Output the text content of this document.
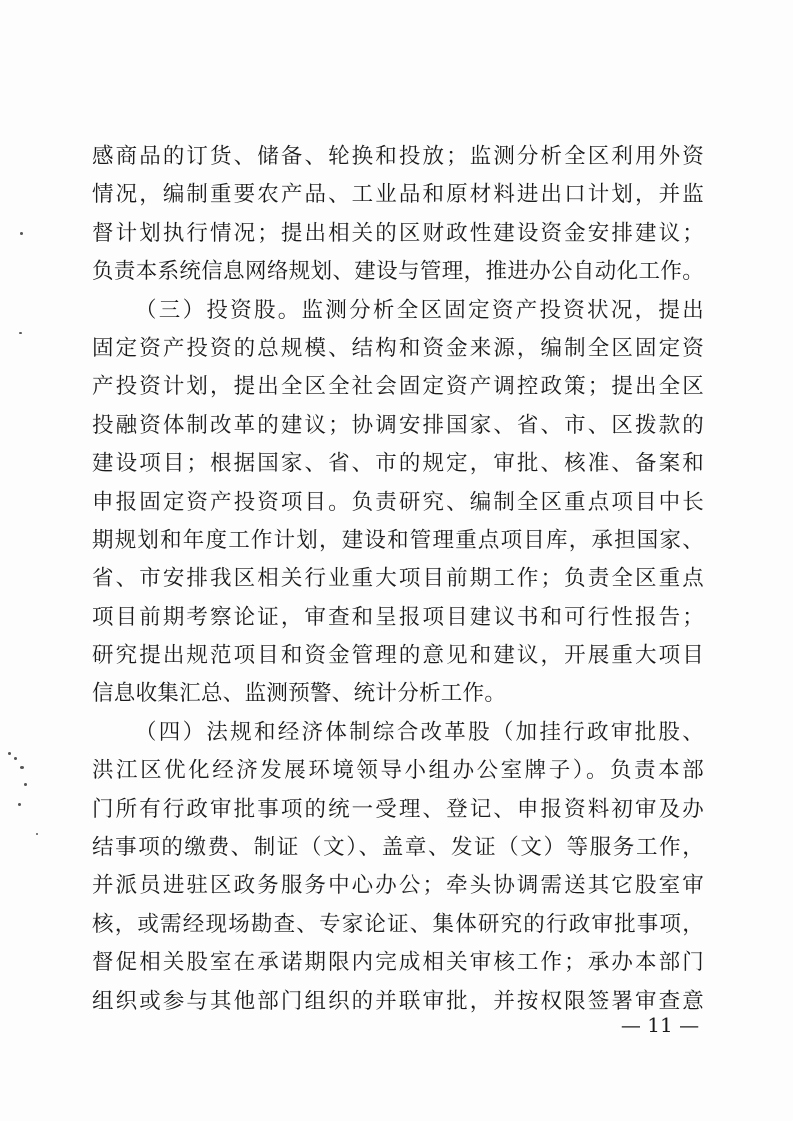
感商品的订货、储备、轮换和投放；监测分析全区利用外资
情况，编制重要农产品、工业品和原材料进出口计划，并监
督计划执行情况；提出相关的区财政性建设资金安排建议；
负责本系统信息网络规划、建设与管理，推进办公自动化工作。
（三）投资股。监测分析全区固定资产投资状况，提出
固定资产投资的总规模、结构和资金来源，编制全区固定资
产投资计划，提出全区全社会固定资产调控政策；提出全区
投融资体制改革的建议；协调安排国家、省、市、区拨款的
建设项目；根据国家、省、市的规定，审批、核准、备案和
申报固定资产投资项目。负责研究、编制全区重点项目中长
期规划和年度工作计划，建设和管理重点项目库，承担国家、
省、市安排我区相关行业重大项目前期工作；负责全区重点
项目前期考察论证，审查和呈报项目建议书和可行性报告；
研究提出规范项目和资金管理的意见和建议，开展重大项目
信息收集汇总、监测预警、统计分析工作。
（四）法规和经济体制综合改革股（加挂行政审批股、
洪江区优化经济发展环境领导小组办公室牌子）。负责本部
门所有行政审批事项的统一受理、登记、申报资料初审及办
结事项的缴费、制证（文）、盖章、发证（文）等服务工作，
并派员进驻区政务服务中心办公；牵头协调需送其它股室审
核，或需经现场勘查、专家论证、集体研究的行政审批事项，
督促相关股室在承诺期限内完成相关审核工作；承办本部门
组织或参与其他部门组织的并联审批，并按权限签署审查意
— 11 —
